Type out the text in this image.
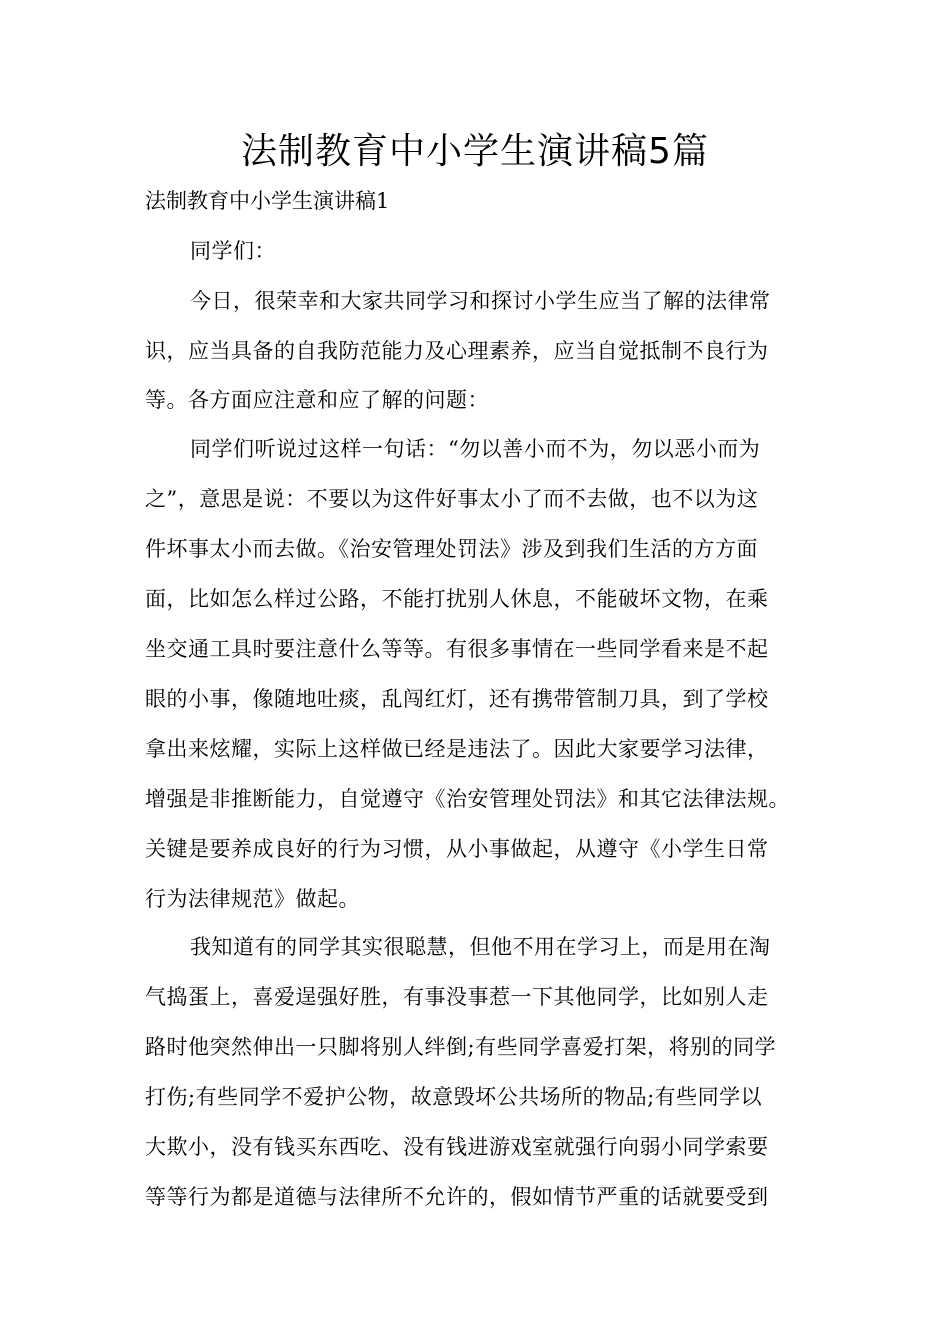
法制教育中小学生演讲稿5篇
法制教育中小学生演讲稿1
同学们：
今日，很荣幸和大家共同学习和探讨小学生应当了解的法律常
识，应当具备的自我防范能力及心理素养，应当自觉抵制不良行为
等。各方面应注意和应了解的问题：
同学们听说过这样一句话：“勿以善小而不为，勿以恶小而为
之”，意思是说：不要以为这件好事太小了而不去做，也不以为这
件坏事太小而去做。《治安管理处罚法》涉及到我们生活的方方面
面，比如怎么样过公路，不能打扰别人休息，不能破坏文物，在乘
坐交通工具时要注意什么等等。有很多事情在一些同学看来是不起
眼的小事，像随地吐痰，乱闯红灯，还有携带管制刀具，到了学校
拿出来炫耀，实际上这样做已经是违法了。因此大家要学习法律，
增强是非推断能力，自觉遵守《治安管理处罚法》和其它法律法规。
关键是要养成良好的行为习惯，从小事做起，从遵守《小学生日常
行为法律规范》做起。
我知道有的同学其实很聪慧，但他不用在学习上，而是用在淘
气捣蛋上，喜爱逞强好胜，有事没事惹一下其他同学，比如别人走
路时他突然伸出一只脚将别人绊倒;有些同学喜爱打架，将别的同学
打伤;有些同学不爱护公物，故意毁坏公共场所的物品;有些同学以
大欺小，没有钱买东西吃、没有钱进游戏室就强行向弱小同学索要
等等行为都是道德与法律所不允许的，假如情节严重的话就要受到
